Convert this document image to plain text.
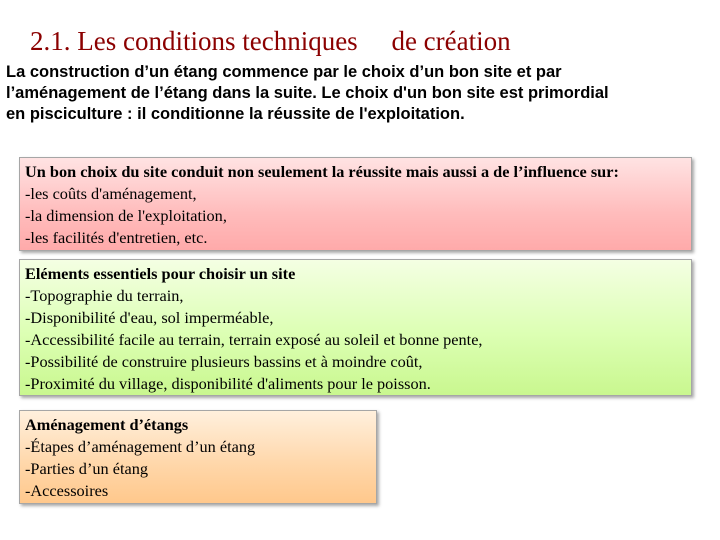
2.1. Les conditions techniques     de création

La construction d’un étang commence par le choix d’un bon site et par

l’aménagement de l’étang dans la suite. Le choix d'un bon site est primordial

en pisciculture : il conditionne la réussite de l'exploitation.

Un bon choix du site conduit non seulement la réussite mais aussi a de l’influence sur:
-les coûts d'aménagement,
-la dimension de l'exploitation,
-les facilités d'entretien, etc.
Eléments essentiels pour choisir un site
-Topographie du terrain,
-Disponibilité d'eau, sol imperméable,
-Accessibilité facile au terrain, terrain exposé au soleil et bonne pente,
-Possibilité de construire plusieurs bassins et à moindre coût,
-Proximité du village, disponibilité d'aliments pour le poisson.
Aménagement d’étangs
-Étapes d’aménagement d’un étang
-Parties d’un étang
-Accessoires
